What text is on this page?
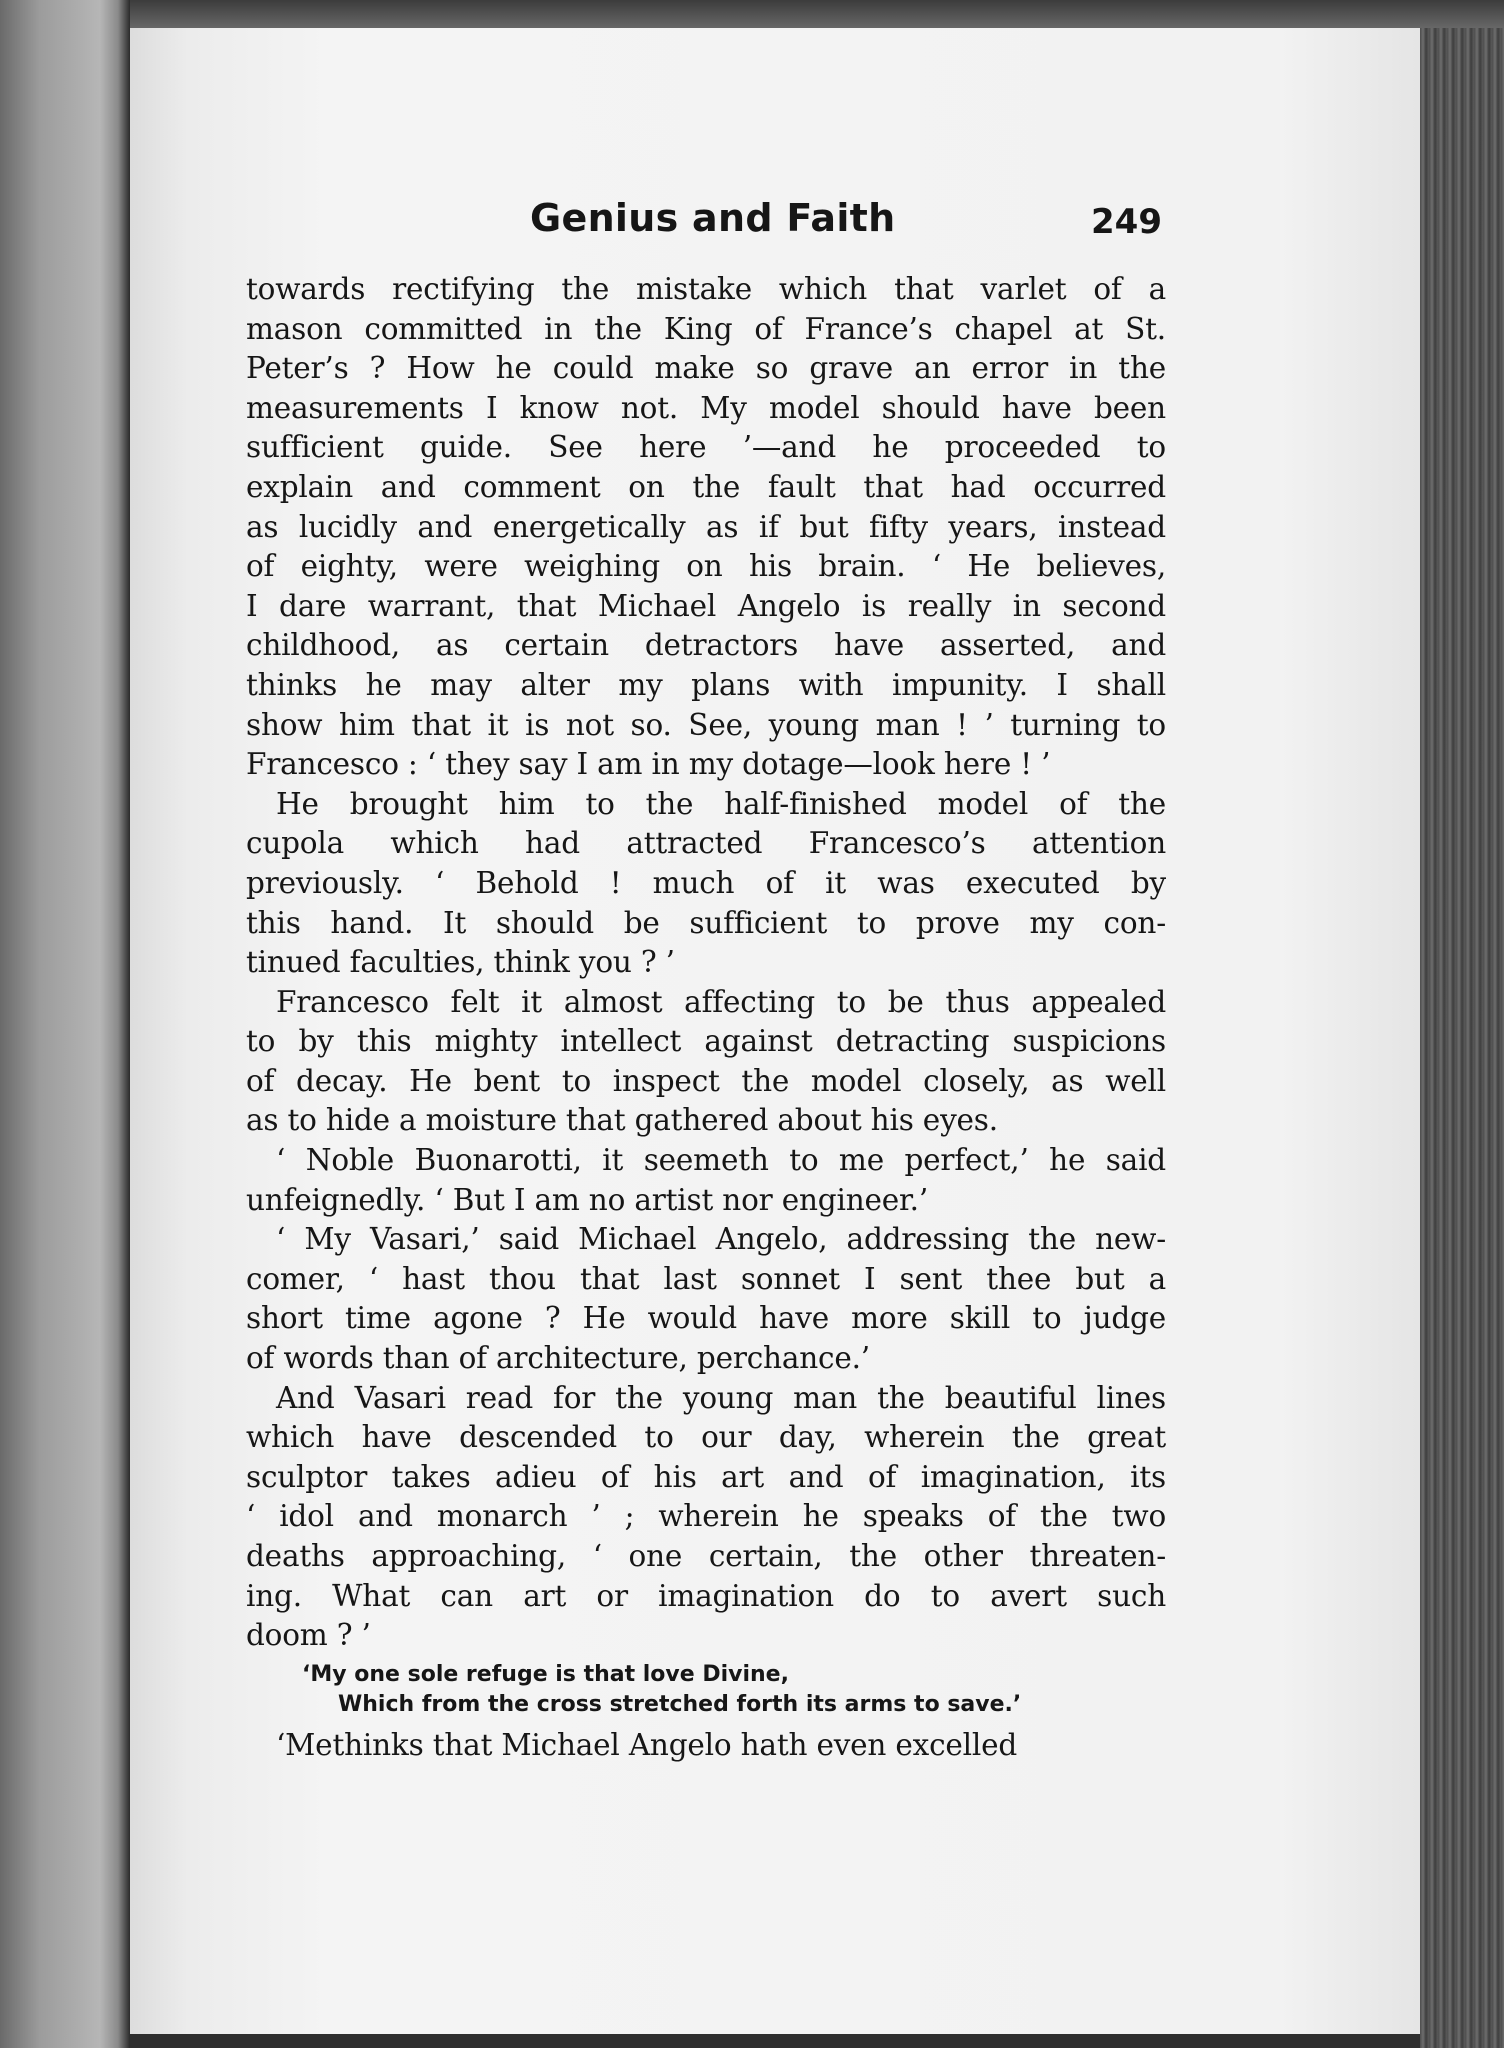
Genius and Faith	249

towards rectifying the mistake which that varlet of a
mason committed in the King of France’s chapel at St.
Peter’s ? How he could make so grave an error in the
measurements I know not. My model should have been
sufficient guide. See here ’—and he proceeded to
explain and comment on the fault that had occurred
as lucidly and energetically as if but fifty years, instead
of eighty, were weighing on his brain. ‘ He believes,
I dare warrant, that Michael Angelo is really in second
childhood, as certain detractors have asserted, and
thinks he may alter my plans with impunity. I shall
show him that it is not so. See, young man ! ’ turning to
Francesco : ‘ they say I am in my dotage—look here ! ’

He brought him to the half-finished model of the
cupola which had attracted Francesco’s attention
previously. ‘ Behold ! much of it was executed by
this hand. It should be sufficient to prove my con-
tinued faculties, think you ? ’

Francesco felt it almost affecting to be thus appealed
to by this mighty intellect against detracting suspicions
of decay. He bent to inspect the model closely, as well
as to hide a moisture that gathered about his eyes.

‘ Noble Buonarotti, it seemeth to me perfect,’ he said
unfeignedly. ‘ But I am no artist nor engineer.’

‘ My Vasari,’ said Michael Angelo, addressing the new-
comer, ‘ hast thou that last sonnet I sent thee but a
short time agone ? He would have more skill to judge
of words than of architecture, perchance.’

And Vasari read for the young man the beautiful lines
which have descended to our day, wherein the great
sculptor takes adieu of his art and of imagination, its
‘ idol and monarch ’ ; wherein he speaks of the two
deaths approaching, ‘ one certain, the other threaten-
ing. What can art or imagination do to avert such
doom ? ’

‘My one sole refuge is that love Divine,
Which from the cross stretched forth its arms to save.’

‘Methinks that Michael Angelo hath even excelled
